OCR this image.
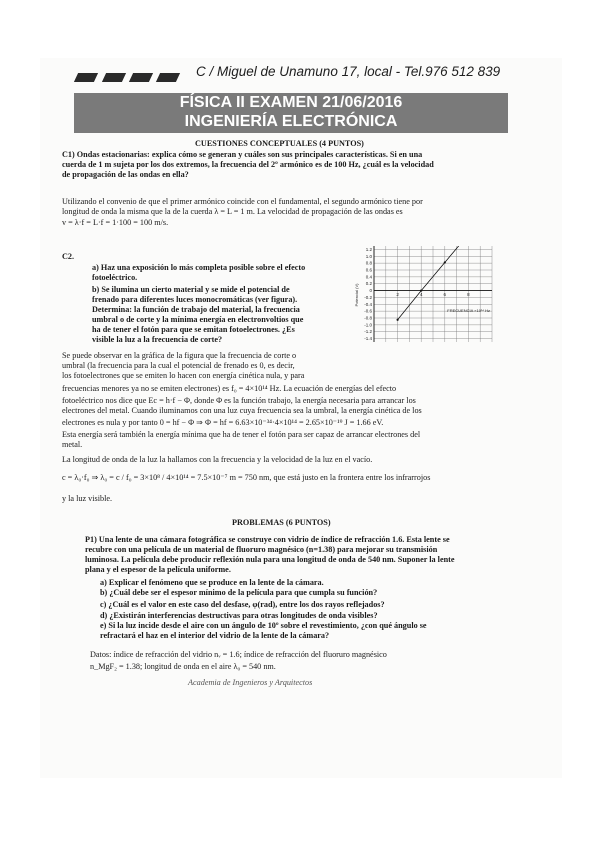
C / Miguel de Unamuno 17, local - Tel.976 512 839
FÍSICA II EXAMEN 21/06/2016
INGENIERÍA ELECTRÓNICA
CUESTIONES CONCEPTUALES (4 PUNTOS)
C1) Ondas estacionarias: explica cómo se generan y cuáles son sus principales características. Si en una
cuerda de 1 m sujeta por los dos extremos, la frecuencia del 2º armónico es de 100 Hz, ¿cuál es la velocidad
de propagación de las ondas en ella?
Utilizando el convenio de que el primer armónico coincide con el fundamental, el segundo armónico tiene por
longitud de onda la misma que la de la cuerda λ = L = 1 m. La velocidad de propagación de las ondas es
v = λ·f = L·f = 1·100 = 100 m/s.
C2.
a) Haz una exposición lo más completa posible sobre el efecto
fotoeléctrico.
b) Se ilumina un cierto material y se mide el potencial de
frenado para diferentes luces monocromáticas (ver figura).
Determina: la función de trabajo del material, la frecuencia
umbral o de corte y la mínima energía en electronvoltios que
ha de tener el fotón para que se emitan fotoelectrones. ¿Es
visible la luz a la frecuencia de corte?
1.2
1.0
0.8
0.6
0.4
0.2
0
-0.2
-0.4
-0.6
-0.8
-1.0
-1.2
-1.4
2	4	6	8
Potencial (V)
FRECUENCIA ×10¹⁴ Hz
Se puede observar en la gráfica de la figura que la frecuencia de corte o
umbral (la frecuencia para la cual el potencial de frenado es 0, es decir,
los fotoelectrones que se emiten lo hacen con energía cinética nula, y para
frecuencias menores ya no se emiten electrones) es f₀ = 4×10¹⁴ Hz. La ecuación de energías del efecto
fotoeléctrico nos dice que Ec = h·f − Φ, donde Φ es la función trabajo, la energía necesaria para arrancar los
electrones del metal. Cuando iluminamos con una luz cuya frecuencia sea la umbral, la energía cinética de los
electrones es nula y por tanto 0 = hf − Φ ⇒ Φ = hf = 6.63×10⁻³⁴·4×10¹⁴ = 2.65×10⁻¹⁹ J = 1.66 eV.
Esta energía será también la energía mínima que ha de tener el fotón para ser capaz de arrancar electrones del
metal.
La longitud de onda de la luz la hallamos con la frecuencia y la velocidad de la luz en el vacío.
c = λ₀·f₀ ⇒ λ₀ = c / f₀ = 3×10⁸ / 4×10¹⁴ = 7.5×10⁻⁷ m = 750 nm, que está justo en la frontera entre los infrarrojos
y la luz visible.
PROBLEMAS (6 PUNTOS)
P1) Una lente de una cámara fotográfica se construye con vidrio de índice de refracción 1.6. Esta lente se
recubre con una película de un material de fluoruro magnésico (n=1.38) para mejorar su transmisión
luminosa. La película debe producir reflexión nula para una longitud de onda de 540 nm. Suponer la lente
plana y el espesor de la película uniforme.
a) Explicar el fenómeno que se produce en la lente de la cámara.
b) ¿Cuál debe ser el espesor mínimo de la película para que cumpla su función?
c) ¿Cuál es el valor en este caso del desfase, φ(rad), entre los dos rayos reflejados?
d) ¿Existirán interferencias destructivas para otras longitudes de onda visibles?
e) Si la luz incide desde el aire con un ángulo de 10º sobre el revestimiento, ¿con qué ángulo se
refractará el haz en el interior del vidrio de la lente de la cámara?
Datos: índice de refracción del vidrio nᵥ = 1.6; índice de refracción del fluoruro magnésico
n_MgF₂ = 1.38; longitud de onda en el aire λ₀ = 540 nm.
Academia de Ingenieros y Arquitectos
